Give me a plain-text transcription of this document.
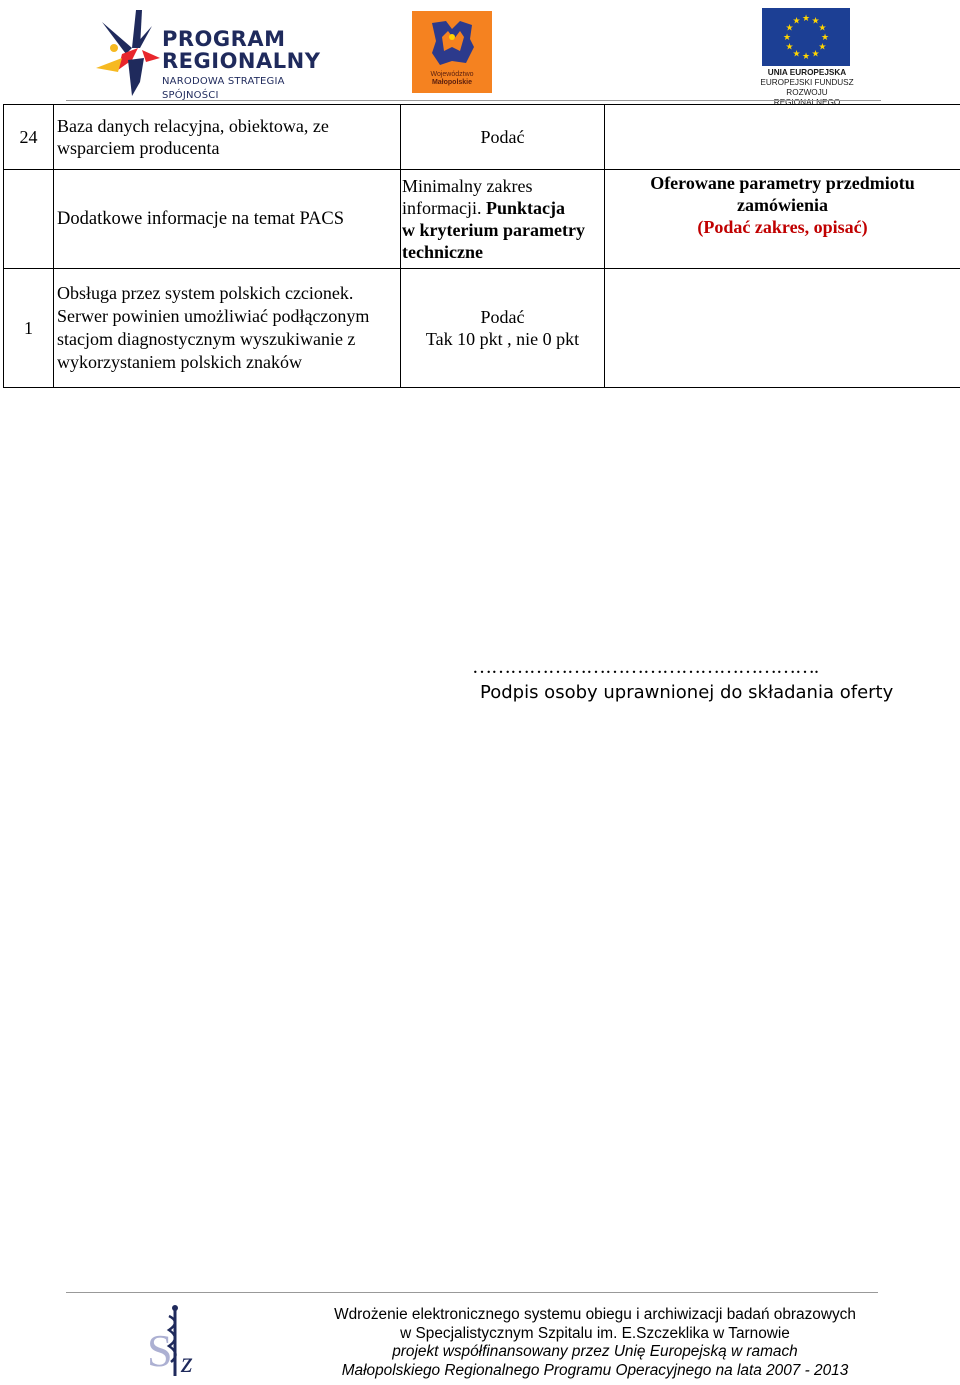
PROGRAM
REGIONALNY
NARODOWA STRATEGIA SPÓJNOŚCI
Województwo
Małopolskie
★ ★
★
★
★
★
★
★
★
★
★
★
UNIA EUROPEJSKA
EUROPEJSKI FUNDUSZ
ROZWOJU REGIONALNEGO
24	Baza danych relacyjna, obiektowa, ze wsparciem producenta	Podać	
	Dodatkowe informacje na temat PACS	Minimalny zakres
informacji. Punktacja
w kryterium parametry
techniczne	Oferowane parametry przedmiotu
zamówienia
(Podać zakres, opisać)

1	Obsługa przez system polskich czcionek. Serwer powinien umożliwiać podłączonym stacjom diagnostycznym wyszukiwanie z wykorzystaniem polskich znaków	Podać
Tak 10 pkt , nie 0 pkt	

……………………………………………….
Podpis osoby uprawnionej do składania oferty
S z
Wdrożenie elektronicznego systemu obiegu i archiwizacji badań obrazowych
w Specjalistycznym Szpitalu im. E.Szczeklika w Tarnowie
projekt współfinansowany przez Unię Europejską w ramach
Małopolskiego Regionalnego Programu Operacyjnego na lata 2007 - 2013
